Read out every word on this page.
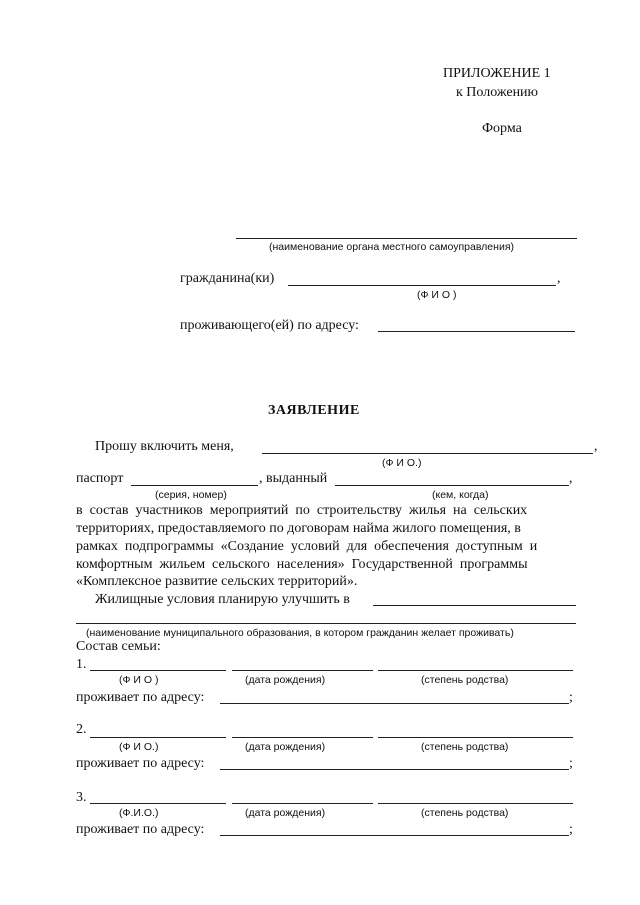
ПРИЛОЖЕНИЕ 1
к Положению
Форма
(наименование органа местного самоуправления)
гражданина(ки)	,
(Ф И О )
проживающего(ей) по адресу:
ЗАЯВЛЕНИЕ
Прошу включить меня,	,
(Ф И О.)
паспорт	, выданный	,
(серия, номер)	(кем, когда)
в  состав  участников  мероприятий  по  строительству  жилья  на  сельских
территориях, предоставляемого по договорам найма жилого помещения, в
рамках  подпрограммы  «Создание  условий  для  обеспечения  доступным  и
комфортным  жильем  сельского  населения»  Государственной  программы
«Комплексное развитие сельских территорий».
Жилищные условия планирую улучшить в
(наименование муниципального образования, в котором гражданин желает проживать)
Состав семьи:
1.
(Ф И О )	(дата рождения)	(степень родства)
проживает по адресу:	;
2.
(Ф И О.)	(дата рождения)	(степень родства)
проживает по адресу:	;
3.
(Ф.И.О.)	(дата рождения)	(степень родства)
проживает по адресу:	;
